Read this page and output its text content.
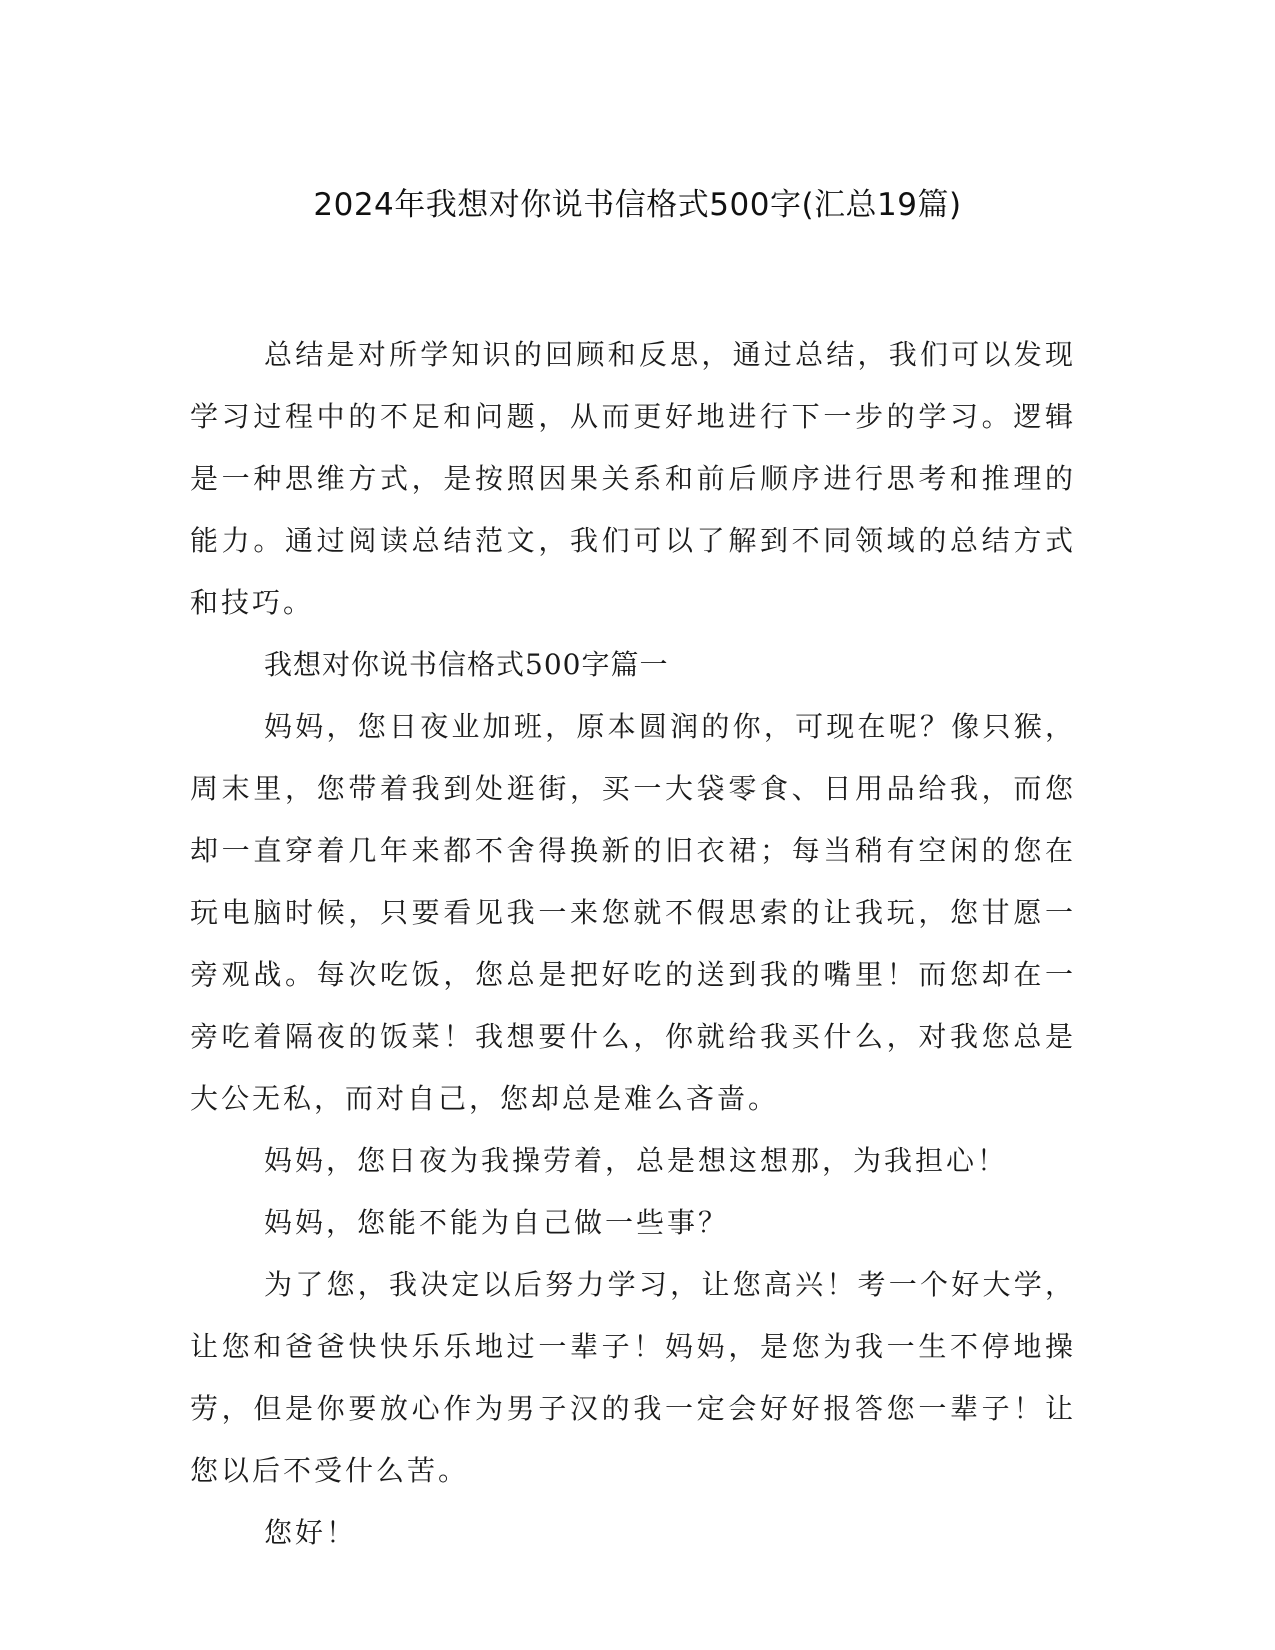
2024年我想对你说书信格式500字(汇总19篇)

总结是对所学知识的回顾和反思，通过总结，我们可以发现学习过程中的不足和问题，从而更好地进行下一步的学习。逻辑是一种思维方式，是按照因果关系和前后顺序进行思考和推理的能力。通过阅读总结范文，我们可以了解到不同领域的总结方式和技巧。

我想对你说书信格式500字篇一

妈妈，您日夜业加班，原本圆润的你，可现在呢？像只猴，周末里，您带着我到处逛街，买一大袋零食、日用品给我，而您却一直穿着几年来都不舍得换新的旧衣裙；每当稍有空闲的您在玩电脑时候，只要看见我一来您就不假思索的让我玩，您甘愿一旁观战。每次吃饭，您总是把好吃的送到我的嘴里！而您却在一旁吃着隔夜的饭菜！我想要什么，你就给我买什么，对我您总是大公无私，而对自己，您却总是难么吝啬。

妈妈，您日夜为我操劳着，总是想这想那，为我担心！

妈妈，您能不能为自己做一些事？

为了您，我决定以后努力学习，让您高兴！考一个好大学，让您和爸爸快快乐乐地过一辈子！妈妈，是您为我一生不停地操劳，但是你要放心作为男子汉的我一定会好好报答您一辈子！让您以后不受什么苦。

您好！
